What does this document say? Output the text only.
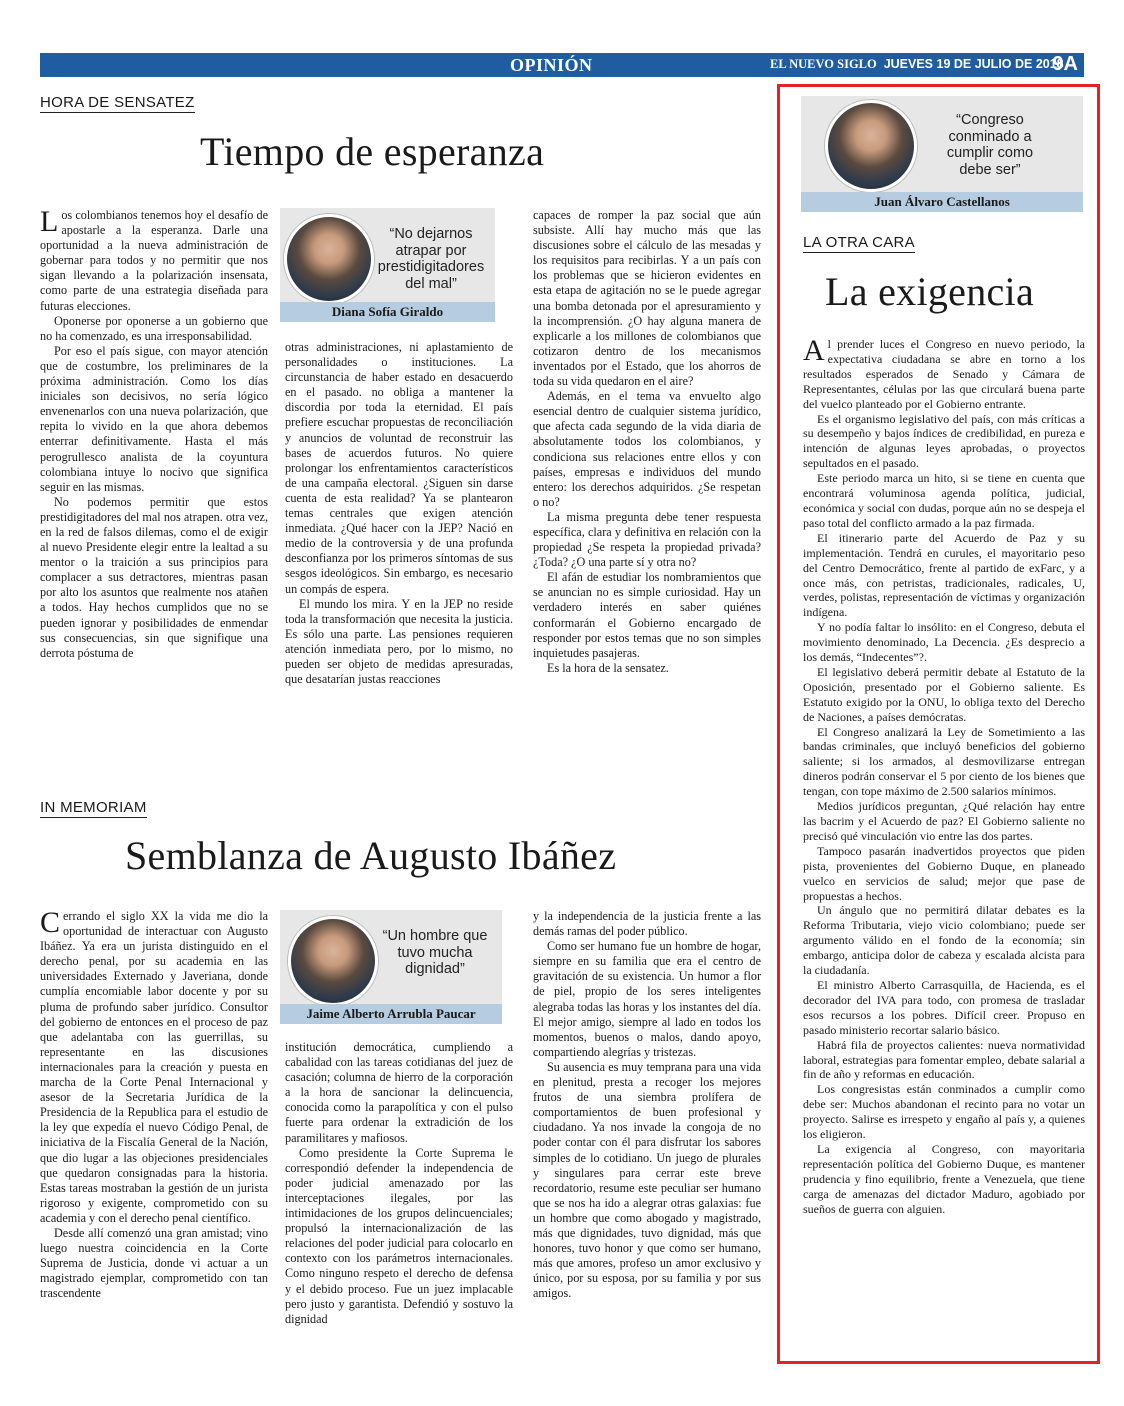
OPINIÓN	EL NUEVO SIGLO JUEVES 19 DE JULIO DE 2018
9A
HORA DE SENSATEZ
Tiempo de esperanza

Los colombianos tenemos hoy el desafío de apostarle a la esperanza. Darle una oportunidad a la nueva administración de gobernar para todos y no permitir que nos sigan llevando a la polarización insensata, como parte de una estrategia diseñada para futuras elecciones.

Oponerse por oponerse a un gobierno que no ha comenzado, es una irresponsabilidad.

Por eso el país sigue, con mayor atención que de costumbre, los preliminares de la próxima administración. Como los días iniciales son decisivos, no sería lógico envenenarlos con una nueva polarización, que repita lo vivido en la que ahora debemos enterrar definitivamente. Hasta el más perogrullesco analista de la coyuntura colombiana intuye lo nocivo que significa seguir en las mismas.

No podemos permitir que estos prestidigitadores del mal nos atrapen. otra vez, en la red de falsos dilemas, como el de exigir al nuevo Presidente elegir entre la lealtad a su mentor o la traición a sus principios para complacer a sus detractores, mientras pasan por alto los asuntos que realmente nos atañen a todos. Hay hechos cumplidos que no se pueden ignorar y posibilidades de enmendar sus consecuencias, sin que signifique una derrota póstuma de

“No dejarnos atrapar por prestidigitadores del mal”
Diana Sofía Giraldo

otras administraciones, ni aplastamiento de personalidades o instituciones. La circunstancia de haber estado en desacuerdo en el pasado. no obliga a mantener la discordia por toda la eternidad. El país prefiere escuchar propuestas de reconciliación y anuncios de voluntad de reconstruir las bases de acuerdos futuros. No quiere prolongar los enfrentamientos característicos de una campaña electoral. ¿Siguen sin darse cuenta de esta realidad? Ya se plantearon temas centrales que exigen atención inmediata. ¿Qué hacer con la JEP? Nació en medio de la controversia y de una profunda desconfianza por los primeros síntomas de sus sesgos ideológicos. Sin embargo, es necesario un compás de espera.

El mundo los mira. Y en la JEP no reside toda la transformación que necesita la justicia. Es sólo una parte. Las pensiones requieren atención inmediata pero, por lo mismo, no pueden ser objeto de medidas apresuradas, que desatarían justas reacciones

capaces de romper la paz social que aún subsiste. Allí hay mucho más que las discusiones sobre el cálculo de las mesadas y los requisitos para recibirlas. Y a un país con los problemas que se hicieron evidentes en esta etapa de agitación no se le puede agregar una bomba detonada por el apresuramiento y la incomprensión. ¿O hay alguna manera de explicarle a los millones de colombianos que cotizaron dentro de los mecanismos inventados por el Estado, que los ahorros de toda su vida quedaron en el aire?

Además, en el tema va envuelto algo esencial dentro de cualquier sistema jurídico, que afecta cada segundo de la vida diaria de absolutamente todos los colombianos, y condiciona sus relaciones entre ellos y con países, empresas e individuos del mundo entero: los derechos adquiridos. ¿Se respetan o no?

La misma pregunta debe tener respuesta específica, clara y definitiva en relación con la propiedad ¿Se respeta la propiedad privada? ¿Toda? ¿O una parte sí y otra no?

El afán de estudiar los nombramientos que se anuncian no es simple curiosidad. Hay un verdadero interés en saber quiénes conformarán el Gobierno encargado de responder por estos temas que no son simples inquietudes pasajeras.

Es la hora de la sensatez.

IN MEMORIAM
Semblanza de Augusto Ibáñez

Cerrando el siglo XX la vida me dio la oportunidad de interactuar con Augusto Ibáñez. Ya era un jurista distinguido en el derecho penal, por su academia en las universidades Externado y Javeriana, donde cumplía encomiable labor docente y por su pluma de profundo saber jurídico. Consultor del gobierno de entonces en el proceso de paz que adelantaba con las guerrillas, su representante en las discusiones internacionales para la creación y puesta en marcha de la Corte Penal Internacional y asesor de la Secretaria Jurídica de la Presidencia de la Republica para el estudio de la ley que expedía el nuevo Código Penal, de iniciativa de la Fiscalía General de la Nación, que dio lugar a las objeciones presidenciales que quedaron consignadas para la historia. Estas tareas mostraban la gestión de un jurista rigoroso y exigente, comprometido con su academia y con el derecho penal científico.

Desde allí comenzó una gran amistad; vino luego nuestra coincidencia en la Corte Suprema de Justicia, donde vi actuar a un magistrado ejemplar, comprometido con tan trascendente

“Un hombre que tuvo mucha dignidad”
Jaime Alberto Arrubla Paucar

institución democrática, cumpliendo a cabalidad con las tareas cotidianas del juez de casación; columna de hierro de la corporación a la hora de sancionar la delincuencia, conocida como la parapolítica y con el pulso fuerte para ordenar la extradición de los paramilitares y mafiosos.

Como presidente la Corte Suprema le correspondió defender la independencia de poder judicial amenazado por las interceptaciones ilegales, por las intimidaciones de los grupos delincuenciales; propulsó la internacionalización de las relaciones del poder judicial para colocarlo en contexto con los parámetros internacionales. Como ninguno respeto el derecho de defensa y el debido proceso. Fue un juez implacable pero justo y garantista. Defendió y sostuvo la dignidad

y la independencia de la justicia frente a las demás ramas del poder público.

Como ser humano fue un hombre de hogar, siempre en su familia que era el centro de gravitación de su existencia. Un humor a flor de piel, propio de los seres inteligentes alegraba todas las horas y los instantes del día. El mejor amigo, siempre al lado en todos los momentos, buenos o malos, dando apoyo, compartiendo alegrías y tristezas.

Su ausencia es muy temprana para una vida en plenitud, presta a recoger los mejores frutos de una siembra prolífera de comportamientos de buen profesional y ciudadano. Ya nos invade la congoja de no poder contar con él para disfrutar los sabores simples de lo cotidiano. Un juego de plurales y singulares para cerrar este breve recordatorio, resume este peculiar ser humano que se nos ha ido a alegrar otras galaxias: fue un hombre que como abogado y magistrado, más que dignidades, tuvo dignidad, más que honores, tuvo honor y que como ser humano, más que amores, profeso un amor exclusivo y único, por su esposa, por su familia y por sus amigos.

“Congreso conminado a cumplir como debe ser”
Juan Álvaro Castellanos
LA OTRA CARA
La exigencia

Al prender luces el Congreso en nuevo periodo, la expectativa ciudadana se abre en torno a los resultados esperados de Senado y Cámara de Representantes, células por las que circulará buena parte del vuelco planteado por el Gobierno entrante.

Es el organismo legislativo del país, con más críticas a su desempeño y bajos índices de credibilidad, en pureza e intención de algunas leyes aprobadas, o proyectos sepultados en el pasado.

Este periodo marca un hito, si se tiene en cuenta que encontrará voluminosa agenda política, judicial, económica y social con dudas, porque aún no se despeja el paso total del conflicto armado a la paz firmada.

El itinerario parte del Acuerdo de Paz y su implementación. Tendrá en curules, el mayoritario peso del Centro Democrático, frente al partido de exFarc, y a once más, con petristas, tradicionales, radicales, U, verdes, polistas, representación de víctimas y organización indígena.

Y no podía faltar lo insólito: en el Congreso, debuta el movimiento denominado, La Decencia. ¿Es desprecio a los demás, “Indecentes”?.

El legislativo deberá permitir debate al Estatuto de la Oposición, presentado por el Gobierno saliente. Es Estatuto exigido por la ONU, lo obliga texto del Derecho de Naciones, a países demócratas.

El Congreso analizará la Ley de Sometimiento a las bandas criminales, que incluyó beneficios del gobierno saliente; si los armados, al desmovilizarse entregan dineros podrán conservar el 5 por ciento de los bienes que tengan, con tope máximo de 2.500 salarios mínimos.

Medios jurídicos preguntan, ¿Qué relación hay entre las bacrim y el Acuerdo de paz? El Gobierno saliente no precisó qué vinculación vio entre las dos partes.

Tampoco pasarán inadvertidos proyectos que piden pista, provenientes del Gobierno Duque, en planeado vuelco en servicios de salud; mejor que pase de propuestas a hechos.

Un ángulo que no permitirá dilatar debates es la Reforma Tributaria, viejo vicio colombiano; puede ser argumento válido en el fondo de la economía; sin embargo, anticipa dolor de cabeza y escalada alcista para la ciudadanía.

El ministro Alberto Carrasquilla, de Hacienda, es el decorador del IVA para todo, con promesa de trasladar esos recursos a los pobres. Difícil creer. Propuso en pasado ministerio recortar salario básico.

Habrá fila de proyectos calientes: nueva normatividad laboral, estrategias para fomentar empleo, debate salarial a fin de año y reformas en educación.

Los congresistas están conminados a cumplir como debe ser: Muchos abandonan el recinto para no votar un proyecto. Salirse es irrespeto y engaño al país y, a quienes los eligieron.

La exigencia al Congreso, con mayoritaria representación política del Gobierno Duque, es mantener prudencia y fino equilibrio, frente a Venezuela, que tiene carga de amenazas del dictador Maduro, agobiado por sueños de guerra con alguien.
